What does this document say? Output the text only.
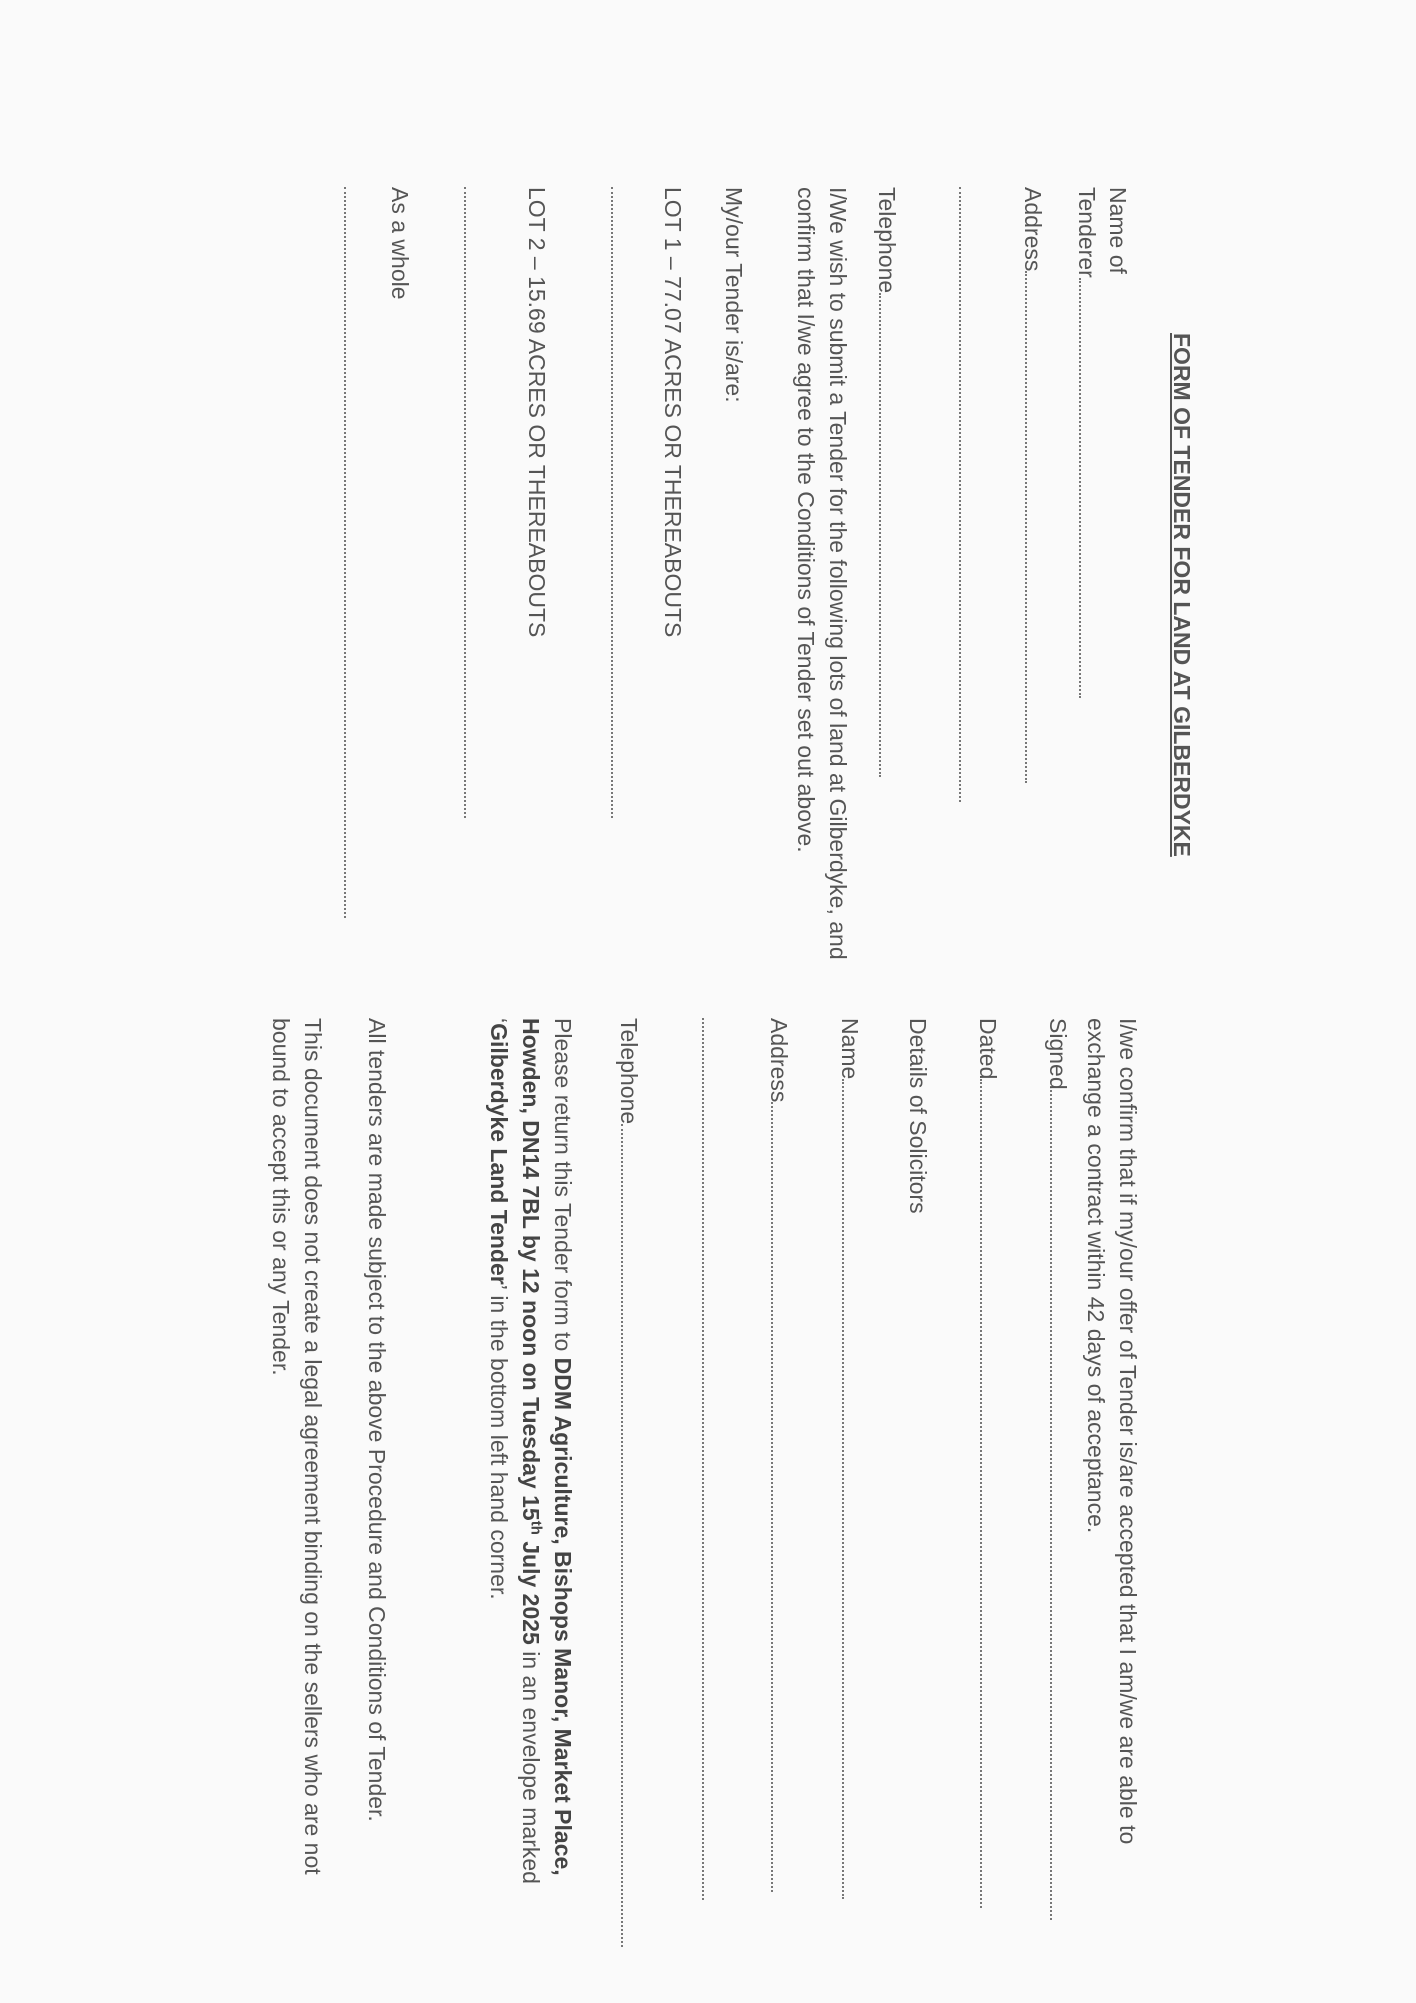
FORM OF TENDER FOR LAND AT GILBERDYKE
Name of
Tenderer
Address
Telephone
I/We wish to submit a Tender for the following lots of land at Gilberdyke, and confirm that I/we agree to the Conditions of Tender set out above.
My/our Tender is/are:
LOT 1 – 77.07 ACRES OR THEREABOUTS
LOT 2 – 15.69 ACRES OR THEREABOUTS
As a whole
I/we confirm that if my/our offer of Tender is/are accepted that I am/we are able to exchange a contract within 42 days of acceptance.
Signed
Dated
Details of Solicitors
Name
Address
Telephone
Please return this Tender form to DDM Agriculture, Bishops Manor, Market Place, Howden, DN14 7BL by 12 noon on Tuesday 15th July 2025 in an envelope marked ‘Gilberdyke Land Tender’ in the bottom left hand corner.
All tenders are made subject to the above Procedure and Conditions of Tender.
This document does not create a legal agreement binding on the sellers who are not bound to accept this or any Tender.
